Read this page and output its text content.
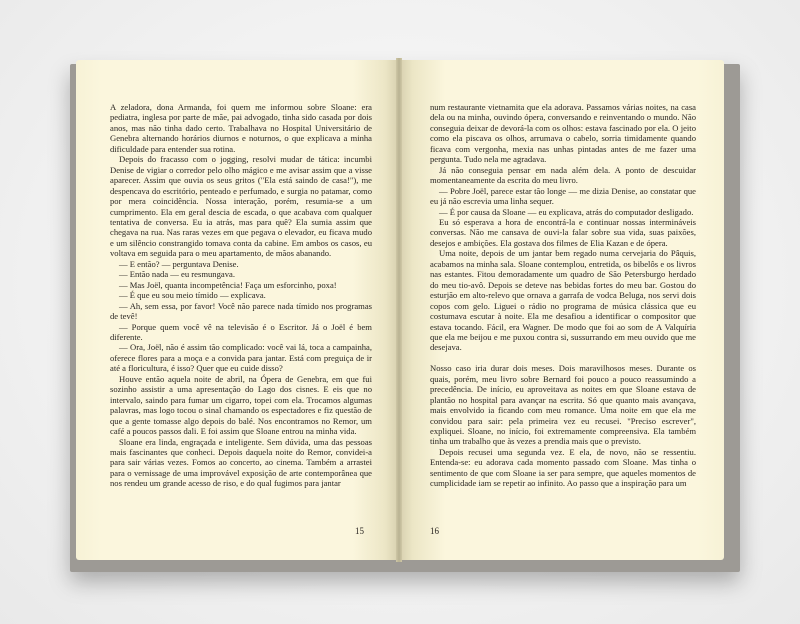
A zeladora, dona Armanda, foi quem me informou sobre Sloane: era pediatra, inglesa por parte de mãe, pai advogado, tinha sido casada por dois anos, mas não tinha dado certo. Trabalhava no Hospital Universitário de Genebra alternando horários diurnos e noturnos, o que explicava a minha dificuldade para entender sua rotina.

Depois do fracasso com o jogging, resolvi mudar de tática: incumbi Denise de vigiar o corredor pelo olho mágico e me avisar assim que a visse aparecer. Assim que ouvia os seus gritos ("Ela está saindo de casa!"), me despencava do escritório, penteado e perfumado, e surgia no patamar, como por mera coincidência. Nossa interação, porém, resumia-se a um cumprimento. Ela em geral descia de escada, o que acabava com qualquer tentativa de conversa. Eu ia atrás, mas para quê? Ela sumia assim que chegava na rua. Nas raras vezes em que pegava o elevador, eu ficava mudo e um silêncio constrangido tomava conta da cabine. Em ambos os casos, eu voltava em seguida para o meu apartamento, de mãos abanando.

— E então? — perguntava Denise.

— Então nada — eu resmungava.

— Mas Joël, quanta incompetência! Faça um esforcinho, poxa!

— É que eu sou meio tímido — explicava.

— Ah, sem essa, por favor! Você não parece nada tímido nos programas de tevê!

— Porque quem você vê na televisão é o Escritor. Já o Joël é bem diferente.

— Ora, Joël, não é assim tão complicado: você vai lá, toca a campainha, oferece flores para a moça e a convida para jantar. Está com preguiça de ir até a floricultura, é isso? Quer que eu cuide disso?

Houve então aquela noite de abril, na Ópera de Genebra, em que fui sozinho assistir a uma apresentação do Lago dos cisnes. E eis que no intervalo, saindo para fumar um cigarro, topei com ela. Trocamos algumas palavras, mas logo tocou o sinal chamando os espectadores e fiz questão de que a gente tomasse algo depois do balé. Nos encontramos no Remor, um café a poucos passos dali. E foi assim que Sloane entrou na minha vida.

Sloane era linda, engraçada e inteligente. Sem dúvida, uma das pessoas mais fascinantes que conheci. Depois daquela noite do Remor, convidei-a para sair várias vezes. Fomos ao concerto, ao cinema. Também a arrastei para o vernissage de uma improvável exposição de arte contemporânea que nos rendeu um grande acesso de riso, e do qual fugimos para jantar

15

num restaurante vietnamita que ela adorava. Passamos várias noites, na casa dela ou na minha, ouvindo ópera, conversando e reinventando o mundo. Não conseguia deixar de devorá-la com os olhos: estava fascinado por ela. O jeito como ela piscava os olhos, arrumava o cabelo, sorria timidamente quando ficava com vergonha, mexia nas unhas pintadas antes de me fazer uma pergunta. Tudo nela me agradava.

Já não conseguia pensar em nada além dela. A ponto de descuidar momentaneamente da escrita do meu livro.

— Pobre Joël, parece estar tão longe — me dizia Denise, ao constatar que eu já não escrevia uma linha sequer.

— É por causa da Sloane — eu explicava, atrás do computador desligado.

Eu só esperava a hora de encontrá-la e continuar nossas intermináveis conversas. Não me cansava de ouvi-la falar sobre sua vida, suas paixões, desejos e ambições. Ela gostava dos filmes de Elia Kazan e de ópera.

Uma noite, depois de um jantar bem regado numa cervejaria do Pâquis, acabamos na minha sala. Sloane contemplou, entretida, os bibelôs e os livros nas estantes. Fitou demoradamente um quadro de São Petersburgo herdado do meu tio-avô. Depois se deteve nas bebidas fortes do meu bar. Gostou do esturjão em alto-relevo que ornava a garrafa de vodca Beluga, nos servi dois copos com gelo. Liguei o rádio no programa de música clássica que eu costumava escutar à noite. Ela me desafiou a identificar o compositor que estava tocando. Fácil, era Wagner. De modo que foi ao som de A Valquíria que ela me beijou e me puxou contra si, sussurrando em meu ouvido que me desejava.

Nosso caso iria durar dois meses. Dois maravilhosos meses. Durante os quais, porém, meu livro sobre Bernard foi pouco a pouco reassumindo a precedência. De início, eu aproveitava as noites em que Sloane estava de plantão no hospital para avançar na escrita. Só que quanto mais avançava, mais envolvido ia ficando com meu romance. Uma noite em que ela me convidou para sair: pela primeira vez eu recusei. "Preciso escrever", expliquei. Sloane, no início, foi extremamente compreensiva. Ela também tinha um trabalho que às vezes a prendia mais que o previsto.

Depois recusei uma segunda vez. E ela, de novo, não se ressentiu. Entenda-se: eu adorava cada momento passado com Sloane. Mas tinha o sentimento de que com Sloane ia ser para sempre, que aqueles momentos de cumplicidade iam se repetir ao infinito. Ao passo que a inspiração para um

16
